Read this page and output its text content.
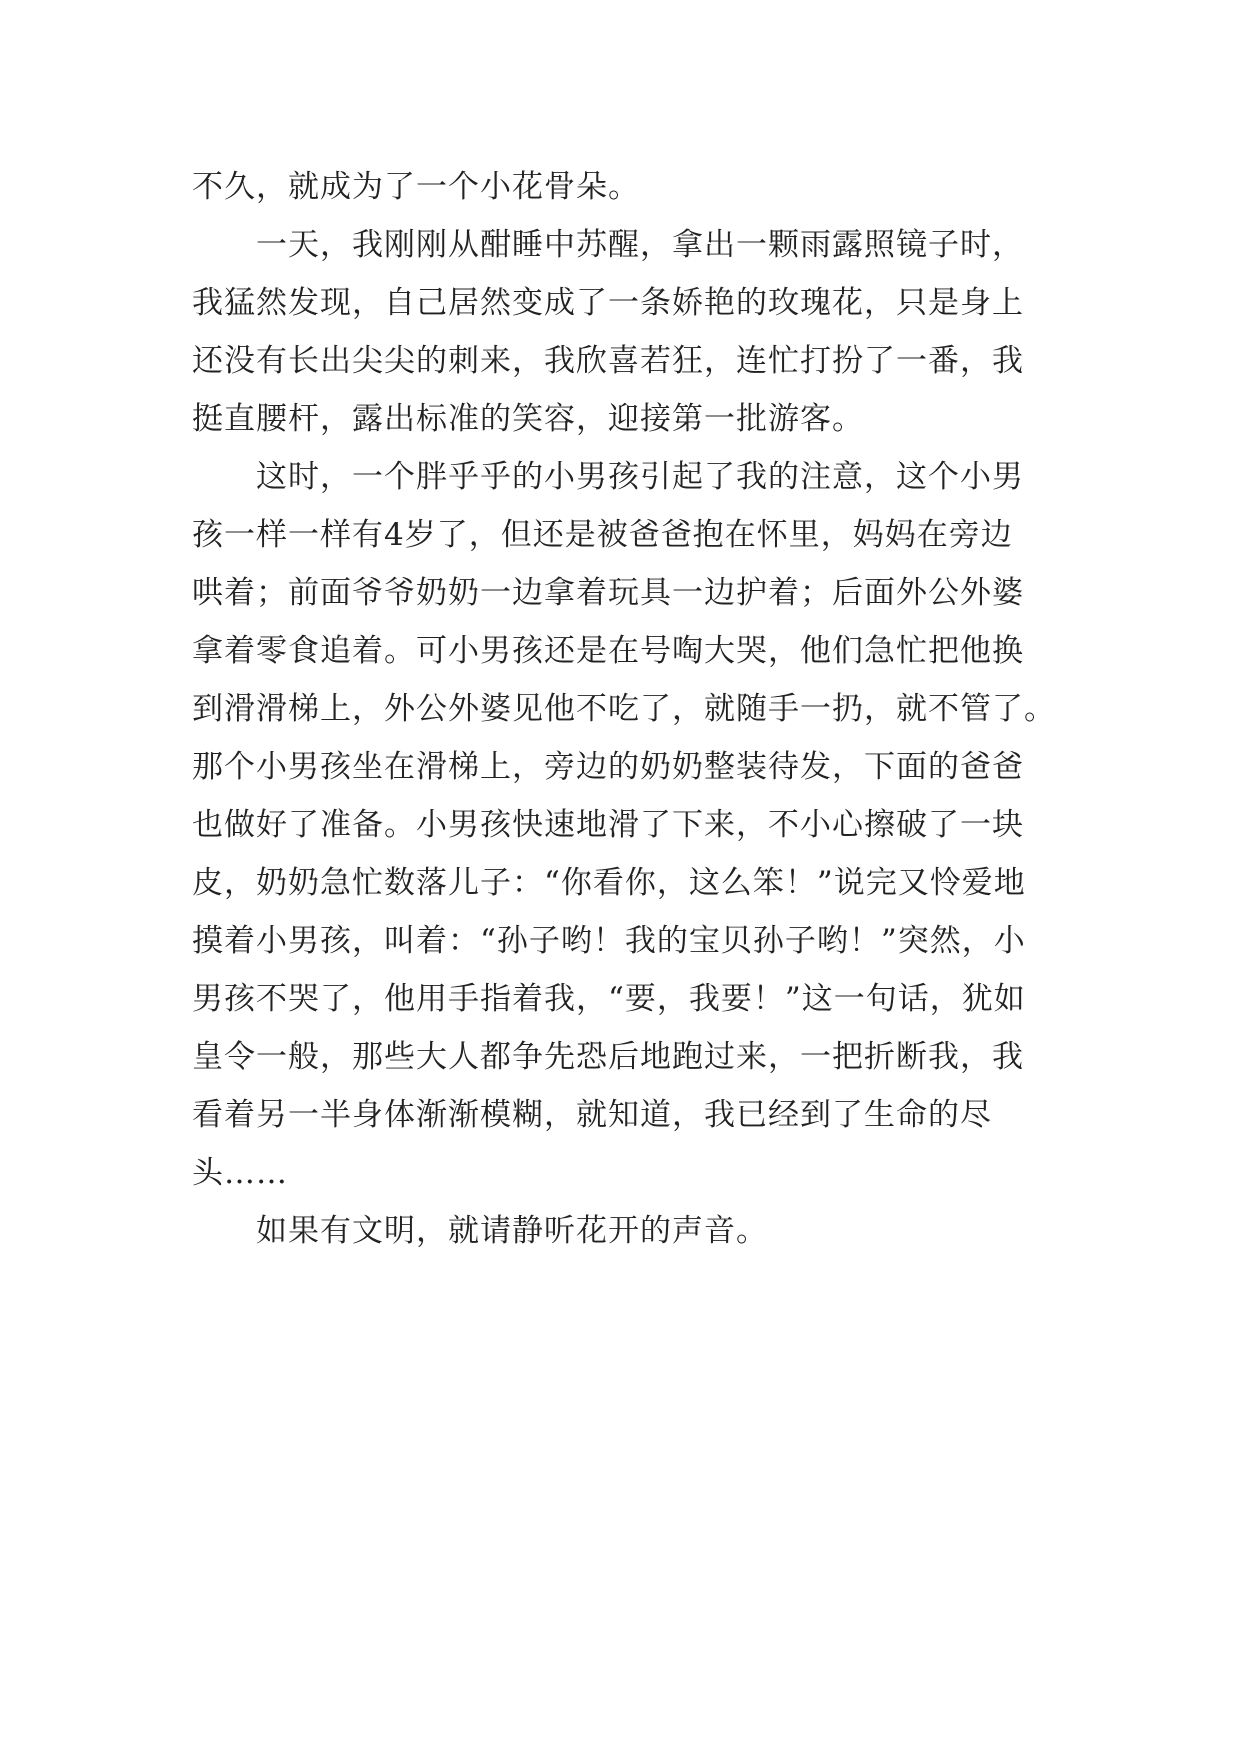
不久，就成为了一个小花骨朵。
一天，我刚刚从酣睡中苏醒，拿出一颗雨露照镜子时，
我猛然发现，自己居然变成了一条娇艳的玫瑰花，只是身上
还没有长出尖尖的刺来，我欣喜若狂，连忙打扮了一番，我
挺直腰杆，露出标准的笑容，迎接第一批游客。
这时，一个胖乎乎的小男孩引起了我的注意，这个小男
孩一样一样有4岁了，但还是被爸爸抱在怀里，妈妈在旁边
哄着；前面爷爷奶奶一边拿着玩具一边护着；后面外公外婆
拿着零食追着。可小男孩还是在号啕大哭，他们急忙把他换
到滑滑梯上，外公外婆见他不吃了，就随手一扔，就不管了。
那个小男孩坐在滑梯上，旁边的奶奶整装待发，下面的爸爸
也做好了准备。小男孩快速地滑了下来，不小心擦破了一块
皮，奶奶急忙数落儿子：“你看你，这么笨！”说完又怜爱地
摸着小男孩，叫着：“孙子哟！我的宝贝孙子哟！”突然，小
男孩不哭了，他用手指着我，“要，我要！”这一句话，犹如
皇令一般，那些大人都争先恐后地跑过来，一把折断我，我
看着另一半身体渐渐模糊，就知道，我已经到了生命的尽
头……
如果有文明，就请静听花开的声音。
